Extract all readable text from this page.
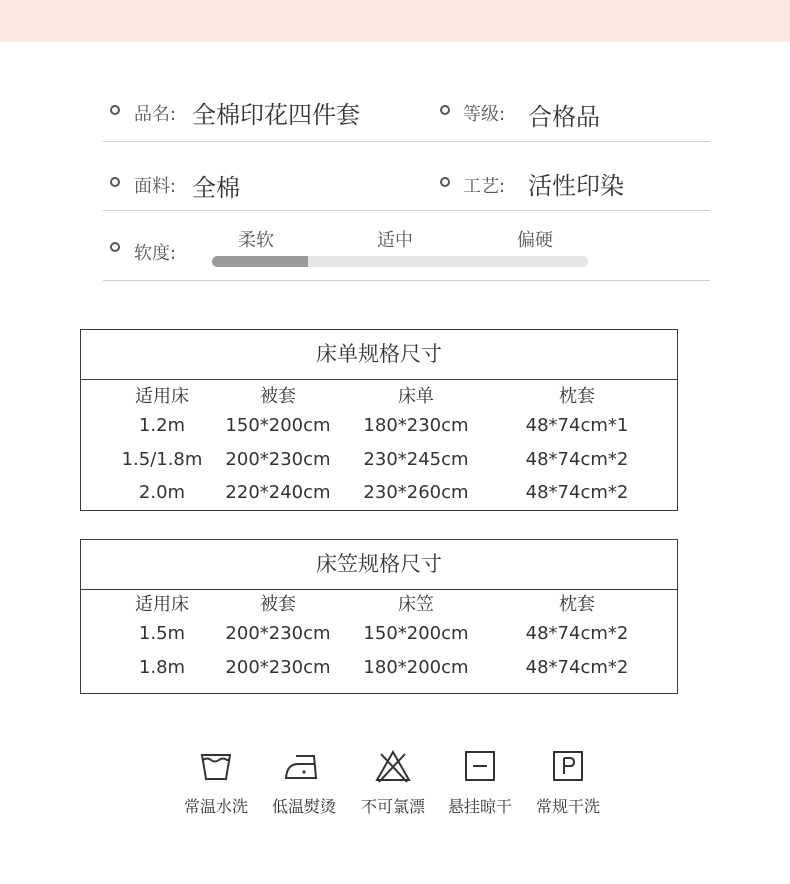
品名: 全棉印花四件套	等级: 合格品
面料: 全棉	工艺: 活性印染
软度:
柔软	适中	偏硬
床单规格尺寸
适用床	被套	床单	枕套
1.2m	150*200cm	180*230cm	48*74cm*1
1.5/1.8m	200*230cm	230*245cm	48*74cm*2
2.0m	220*240cm	230*260cm	48*74cm*2
床笠规格尺寸
适用床	被套	床笠	枕套
1.5m	200*230cm	150*200cm	48*74cm*2
1.8m	200*230cm	180*200cm	48*74cm*2
常温水洗	低温熨烫	不可氯漂	悬挂晾干	常规干洗
